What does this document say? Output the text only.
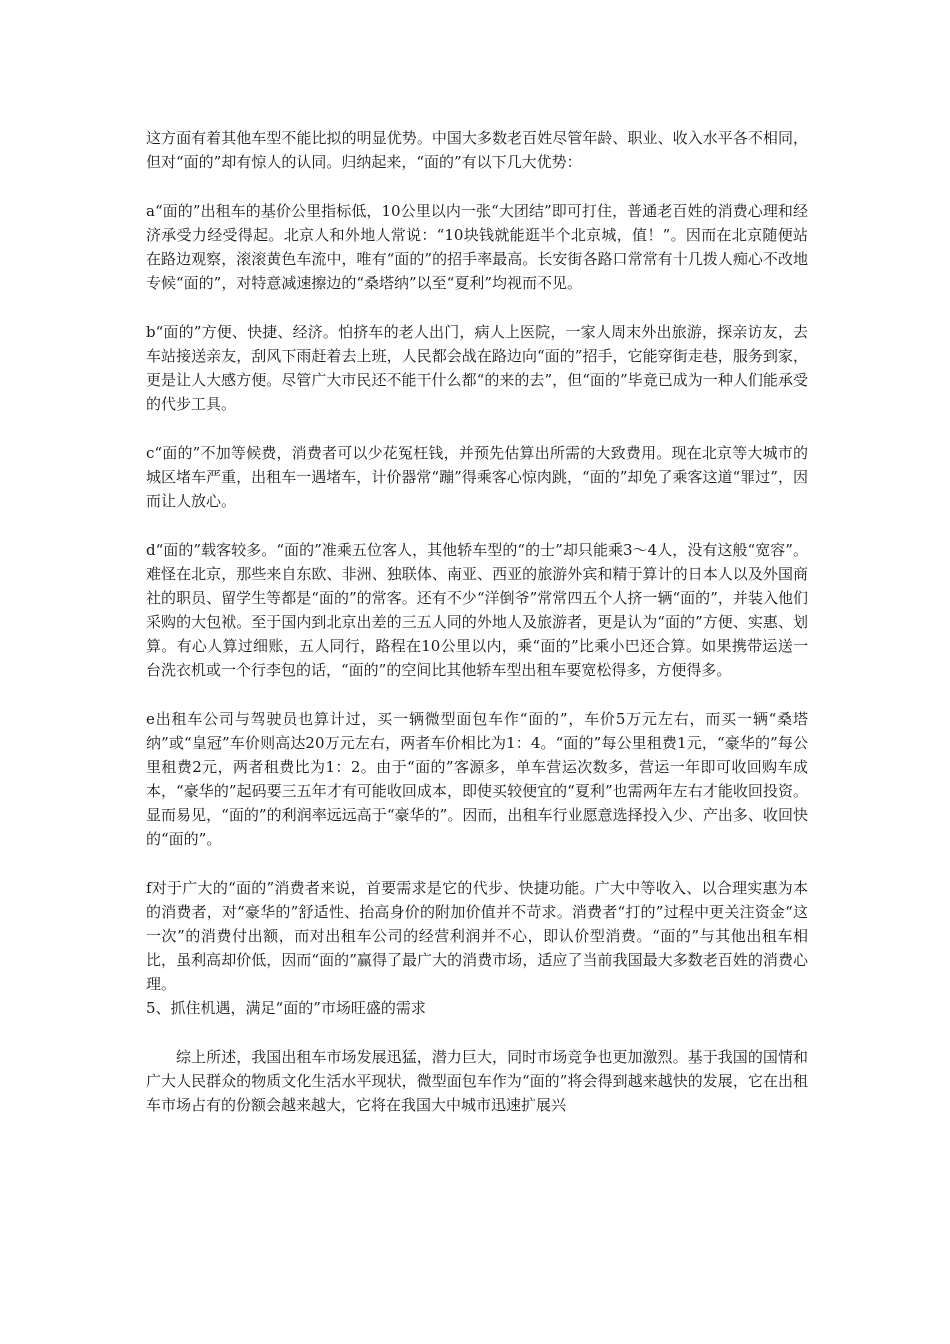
这方面有着其他车型不能比拟的明显优势。中国大多数老百姓尽管年龄、职业、收入水平各不相同，但对“面的”却有惊人的认同。归纳起来，“面的”有以下几大优势：

a“面的”出租车的基价公里指标低，10公里以内一张“大团结”即可打住，普通老百姓的消费心理和经济承受力经受得起。北京人和外地人常说：“10块钱就能逛半个北京城，值！”。因而在北京随便站在路边观察，滚滚黄色车流中，唯有“面的”的招手率最高。长安街各路口常常有十几拨人痴心不改地专候“面的”，对特意减速擦边的“桑塔纳”以至“夏利”均视而不见。

b“面的”方便、快捷、经济。怕挤车的老人出门，病人上医院，一家人周末外出旅游，探亲访友，去车站接送亲友，刮风下雨赶着去上班，人民都会战在路边向“面的”招手，它能穿街走巷，服务到家，更是让人大感方便。尽管广大市民还不能干什么都“的来的去”，但“面的”毕竟已成为一种人们能承受的代步工具。

c“面的”不加等候费，消费者可以少花冤枉钱，并预先估算出所需的大致费用。现在北京等大城市的城区堵车严重，出租车一遇堵车，计价器常“蹦”得乘客心惊肉跳，“面的”却免了乘客这道“罪过”，因而让人放心。

d“面的”载客较多。“面的”准乘五位客人，其他轿车型的“的士”却只能乘3～4人，没有这般“宽容”。难怪在北京，那些来自东欧、非洲、独联体、南亚、西亚的旅游外宾和精于算计的日本人以及外国商社的职员、留学生等都是“面的”的常客。还有不少“洋倒爷”常常四五个人挤一辆“面的”，并装入他们采购的大包袱。至于国内到北京出差的三五人同的外地人及旅游者，更是认为“面的”方便、实惠、划算。有心人算过细账，五人同行，路程在10公里以内，乘“面的”比乘小巴还合算。如果携带运送一台洗衣机或一个行李包的话，“面的”的空间比其他轿车型出租车要宽松得多，方便得多。

e出租车公司与驾驶员也算计过，买一辆微型面包车作“面的”，车价5万元左右，而买一辆“桑塔纳”或“皇冠”车价则高达20万元左右，两者车价相比为1：4。“面的”每公里租费1元，“豪华的”每公里租费2元，两者租费比为1：2。由于“面的”客源多，单车营运次数多，营运一年即可收回购车成本，“豪华的”起码要三五年才有可能收回成本，即使买较便宜的“夏利”也需两年左右才能收回投资。显而易见，“面的”的利润率远远高于“豪华的”。因而，出租车行业愿意选择投入少、产出多、收回快的“面的”。

f对于广大的“面的”消费者来说，首要需求是它的代步、快捷功能。广大中等收入、以合理实惠为本的消费者，对“豪华的”舒适性、抬高身价的附加价值并不苛求。消费者“打的”过程中更关注资金“这一次”的消费付出额，而对出租车公司的经营利润并不心，即认价型消费。“面的”与其他出租车相比，虽利高却价低，因而“面的”赢得了最广大的消费市场，适应了当前我国最大多数老百姓的消费心理。

5、抓住机遇，满足“面的”市场旺盛的需求

综上所述，我国出租车市场发展迅猛，潜力巨大，同时市场竞争也更加激烈。基于我国的国情和广大人民群众的物质文化生活水平现状，微型面包车作为“面的”将会得到越来越快的发展，它在出租车市场占有的份额会越来越大，它将在我国大中城市迅速扩展兴
